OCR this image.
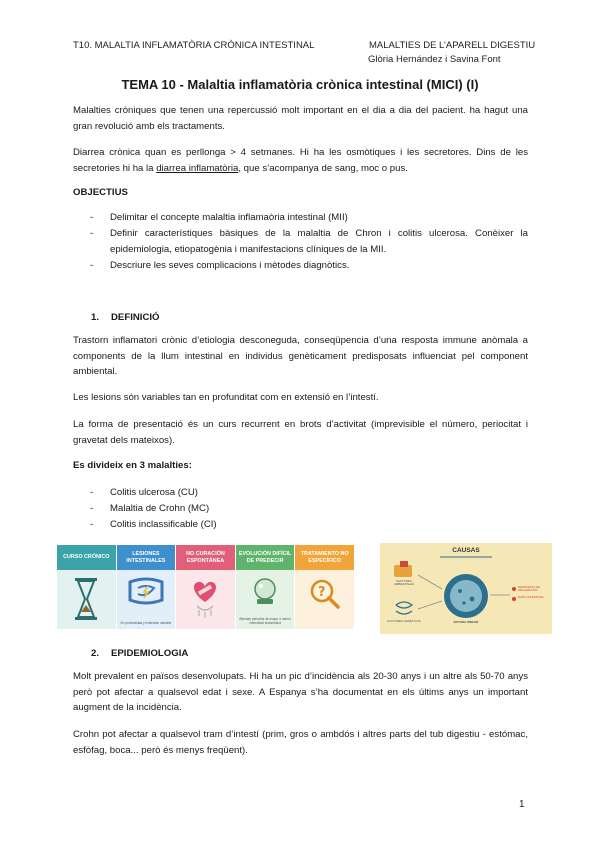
T10. MALALTIA INFLAMATÒRIA CRÒNICA INTESTINAL	MALALTIES DE L’APARELL DIGESTIU
Glòria Hernández i Savina Font
TEMA 10 - Malaltia inflamatòria crònica intestinal (MICI) (I)
Malalties cròniques que tenen una repercussió molt important en el dia a dia del pacient. ha hagut una gran revolució amb els tractaments.
Diarrea crònica quan es perllonga > 4 setmanes. Hi ha les osmòtiques i les secretores. Dins de les secretories hi ha la diarrea inflamatòria, que s’acompanya de sang, moc o pus.
OBJECTIUS
- Delimitar el concepte malaltia inflamaòria intestinal (MII)
- Definir característiques bàsiques de la malaltia de Chron i colitis ulcerosa. Conèixer la epidemiologia, etiopatogènia i manifestacions clíniques de la MII.
- Descriure les seves complicacions i mètodes diagnòtics.
1. DEFINICIÓ
Trastorn inflamatori crònic d’etiologia desconeguda, conseqüpencia d’una resposta immune anòmala a components de la llum intestinal en individus genèticament predisposats influenciat pel component ambiental.
Les lesions són variables tan en profunditat com en extensió en l’intestí.
La forma de presentació és un curs recurrent en brots d’activitat (imprevisible el número, periocitat i gravetat dels mateixos).
Es divideix en 3 malalties:
- Colitis ulcerosa (CU)
- Malaltia de Crohn (MC)
- Colitis inclassificable (CI)
CURSO CRÓNICO
LESIONES INTESTINALES
En profundidad y extensión variable
NO CURACIÓN ESPONTÁNEA
EVOLUCIÓN DIFÍCIL DE PREDECIR
Alternan periodos de mayor o menor intensidad sintomática
TRATAMIENTO NO ESPECÍFICO
?
CAUSAS
FACTORES AMBIENTALES
FACTORES GENÉTICOS	SISTEMA INMUNE
RESPUESTA DE INFLAMACIÓN
DAÑO INTESTINAL
2. EPIDEMIOLOGIA
Molt prevalent en països desenvolupats. Hi ha un pic d’incidència als 20-30 anys i un altre als 50-70 anys però pot afectar a qualsevol edat i sexe. A Espanya s’ha documentat en els últims anys un important augment de la incidència.
Crohn pot afectar a qualsevol tram d’intestí (prim, gros o ambdós i altres parts del tub digestiu - estómac, esfòfag, boca... però és menys freqüent).
1
